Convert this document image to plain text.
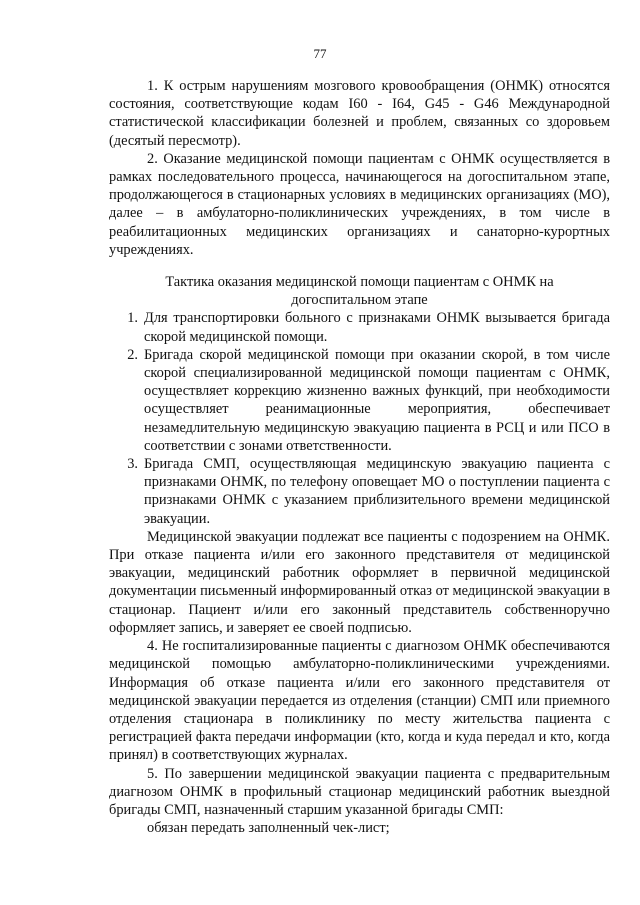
77

1. К острым нарушениям мозгового кровообращения (ОНМК) относятся состояния, соответствующие кодам I60 - I64, G45 - G46 Международной статистической классификации болезней и проблем, связанных со здоровьем (десятый пересмотр).

2. Оказание медицинской помощи пациентам с ОНМК осуществляется в рамках последовательного процесса, начинающегося на догоспитальном этапе, продолжающегося в стационарных условиях в медицинских организациях (МО), далее – в амбулаторно-поликлинических учреждениях, в том числе в реабилитационных медицинских организациях и санаторно-курортных учреждениях.

Тактика оказания медицинской помощи пациентам с ОНМК на догоспитальном этапе

1. Для транспортировки больного с признаками ОНМК вызывается бригада скорой медицинской помощи.
2. Бригада скорой медицинской помощи при оказании скорой, в том числе скорой специализированной медицинской помощи пациентам с ОНМК, осуществляет коррекцию жизненно важных функций, при необходимости осуществляет реанимационные мероприятия, обеспечивает незамедлительную медицинскую эвакуацию пациента в РСЦ и или ПСО в соответствии с зонами ответственности.
3. Бригада СМП, осуществляющая медицинскую эвакуацию пациента с признаками ОНМК, по телефону оповещает МО о поступлении пациента с признаками ОНМК с указанием приблизительного времени медицинской эвакуации.

Медицинской эвакуации подлежат все пациенты с подозрением на ОНМК. При отказе пациента и/или его законного представителя от медицинской эвакуации, медицинский работник оформляет в первичной медицинской документации письменный информированный отказ от медицинской эвакуации в стационар. Пациент и/или его законный представитель собственноручно оформляет запись, и заверяет ее своей подписью.

4. Не госпитализированные пациенты с диагнозом ОНМК обеспечиваются медицинской помощью амбулаторно-поликлиническими учреждениями. Информация об отказе пациента и/или его законного представителя от медицинской эвакуации передается из отделения (станции) СМП или приемного отделения стационара в поликлинику по месту жительства пациента с регистрацией факта передачи информации (кто, когда и куда передал и кто, когда принял) в соответствующих журналах.

5. По завершении медицинской эвакуации пациента с предварительным диагнозом ОНМК в профильный стационар медицинский работник выездной бригады СМП, назначенный старшим указанной бригады СМП:

обязан передать заполненный чек-лист;
